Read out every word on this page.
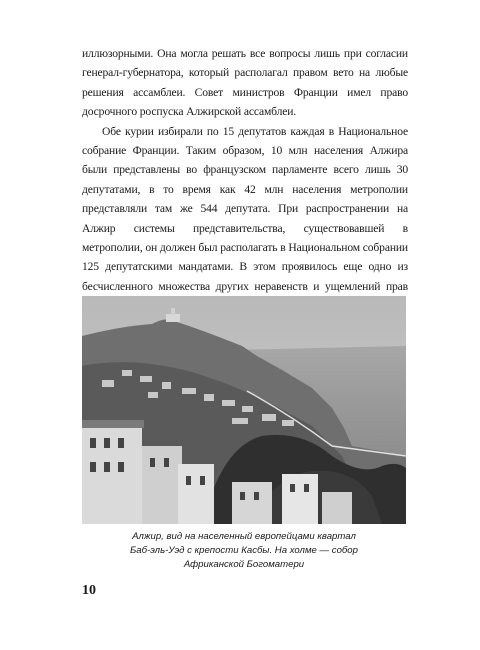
иллюзорными. Она могла решать все вопросы лишь при согласии генерал-губернатора, который располагал правом вето на любые решения ассамблеи. Совет министров Франции имел право досрочного роспуска Алжирской ассамблеи.

Обе курии избирали по 15 депутатов каждая в Национальное собрание Франции. Таким образом, 10 млн населения Алжира были представлены во французском парламенте всего лишь 30 депутатами, в то время как 42 млн населения метрополии представляли там же 544 депутата. При распространении на Алжир системы представительства, существовавшей в метрополии, он должен был располагать в Национальном собрании 125 депутатскими мандатами. В этом проявилось еще одно из бесчисленного множества других неравенств и ущемлений прав

Алжир, вид на населенный европейцами квартал
Баб-эль-Уэд с крепости Касбы. На холме — собор
Африканской Богоматери
10
